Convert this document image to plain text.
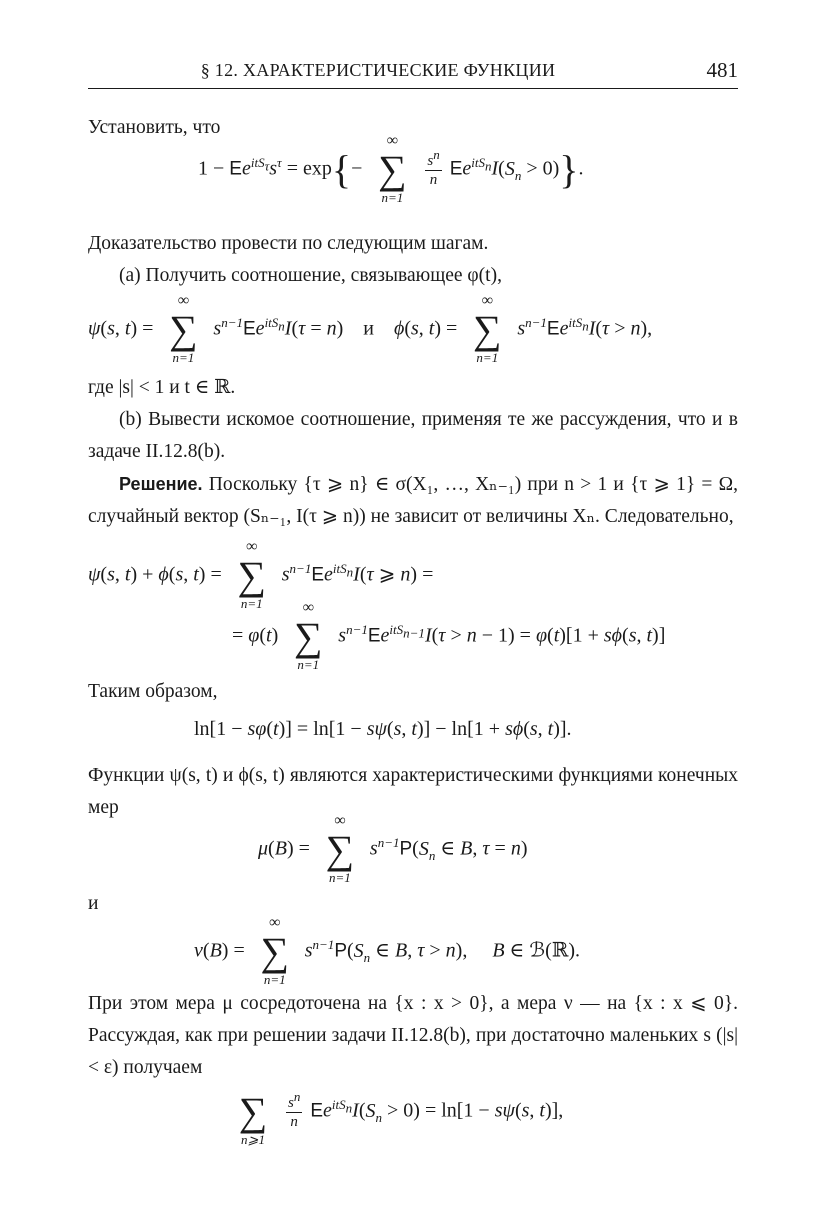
§ 12. ХАРАКТЕРИСТИЧЕСКИЕ ФУНКЦИИ	481
Установить, что
$1 - Ee^{itS_\tau}s^\tau = \exp\{-$
∞
∑
n=1

$\frac{s^n}{n} Ee^{itS_n}I(S_n > 0)$}.
Доказательство провести по следующим шагам.
(a) Получить соотношение, связывающее φ(t),
ψ(s, t) =
∞
∑
n=1
$s^{n-1}Ee^{itS_n}I(\tau = n)$    и ϕ(s, t) =
∞
∑
n=1
$s^{n-1}Ee^{itS_n}I(\tau > n)$,
где |s| < 1 и t ∈ ℝ.
(b) Вывести искомое соотношение, применяя те же рассуждения, что и в задаче II.12.8(b).
Решение. Поскольку {τ ⩾ n} ∈ σ(X₁, …, Xₙ₋₁) при n > 1 и {τ ⩾ 1} = Ω, случайный вектор (Sₙ₋₁, I(τ ⩾ n)) не зависит от величины Xₙ. Следовательно,
ψ(s, t) + ϕ(s, t) =
∞
∑
n=1
$s^{n-1}Ee^{itS_n}I(\tau$ ⩾ n) =
= φ(t)
∞
∑
n=1
$s^{n-1}Ee^{itS_{n-1}}I(\tau > n - 1) = \varphi(t)[1 + s\phi(s$, t)]
Таким образом,
ln[1 − sφ(t)] = ln[1 − sψ(s, t)] − ln[1 + sϕ(s, t)].
Функции ψ(s, t) и ϕ(s, t) являются характеристическими функциями конечных мер
μ(B) =
∞
∑
n=1
$s^{n-1}P(S_n$ ∈ B, τ = n)
и
ν(B) =
∞
∑
n=1
$s^{n-1}P(S_n$ ∈ B, τ > n),     B ∈ ℬ(ℝ).
При этом мера μ сосредоточена на {x : x > 0}, а мера ν — на {x : x ⩽ 0}. Рассуждая, как при решении задачи II.12.8(b), при достаточно маленьких s (|s| < ε) получаем
∑
n⩾1

$\frac{s^n}{n} Ee^{itS_n}I(S_n > 0) = \ln[1 - s\psi(s$, t)],
